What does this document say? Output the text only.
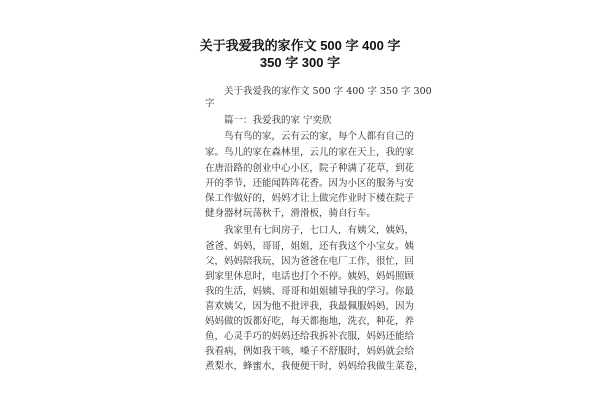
关于我爱我的家作文 500 字 400 字
350 字 300 字
　　关于我爱我的家作文 500 字 400 字 350 字 300
字
　　篇一：我爱我的家 宁奕欣
　　鸟有鸟的家，云有云的家，每个人都有自己的
家。鸟儿的家在森林里，云儿的家在天上，我的家
在唐沿路的创业中心小区，院子种满了花草，到花
开的季节，还能闻阵阵花香。因为小区的服务与安
保工作做好的，妈妈才让上做完作业时下楼在院子
健身器材玩荡秋千，滑滑板，骑自行车。
　　我家里有七间房子，七口人，有姨父，姨妈，
爸爸、妈妈，哥哥，姐姐，还有我这个小宝女。姨
父，妈妈陪我玩，因为爸爸在电厂工作，很忙，回
到家里休息时，电话也打个不停。姨妈，妈妈照顾
我的生活，妈姨、哥哥和姐姐辅导我的学习。你最
喜欢姨父，因为他不批评我，我最佩服妈妈，因为
妈妈做的饭都好吃，每天都拖地，洗衣，种花，养
鱼，心灵手巧的妈妈还给我拆补衣服，妈妈还能给
我看病，例如我干咳，嗓子不舒服时，妈妈就会给
煮梨水，蜂蜜水，我便便干时，妈妈给我做生菜卷，
